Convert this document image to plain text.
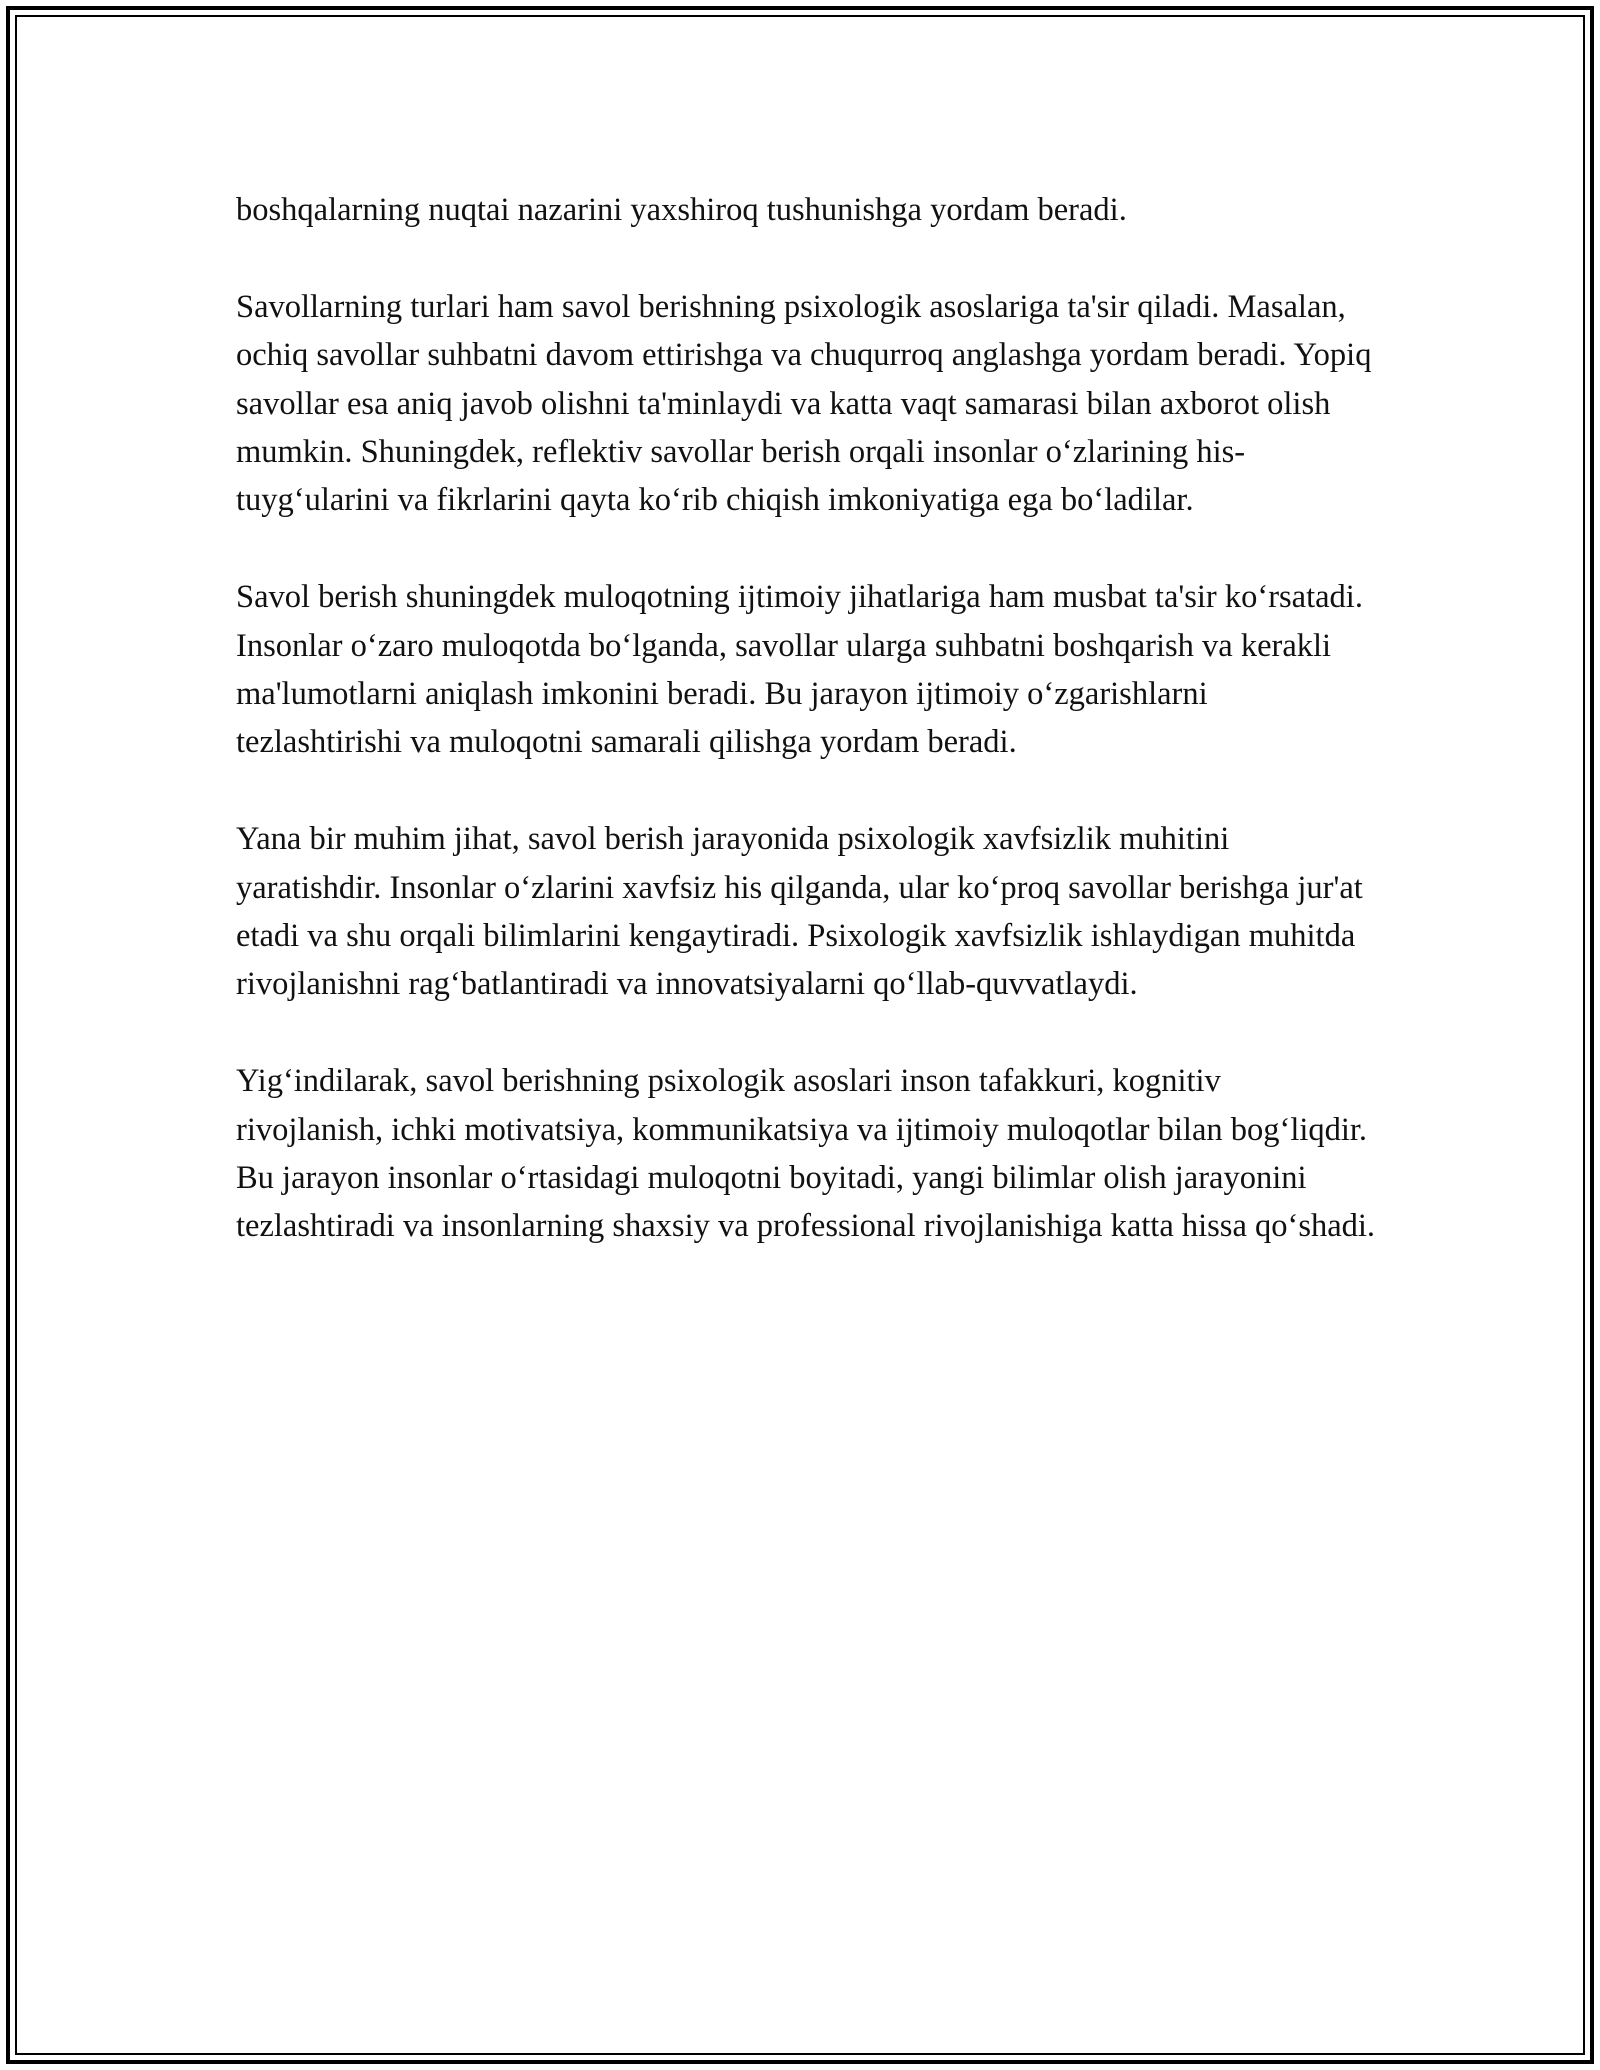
boshqalarning nuqtai nazarini yaxshiroq tushunishga yordam beradi.

Savollarning turlari ham savol berishning psixologik asoslariga ta'sir qiladi. Masalan, ochiq savollar suhbatni davom ettirishga va chuqurroq anglashga yordam beradi. Yopiq savollar esa aniq javob olishni ta'minlaydi va katta vaqt samarasi bilan axborot olish mumkin. Shuningdek, reflektiv savollar berish orqali insonlar o‘zlarining his-tuyg‘ularini va fikrlarini qayta ko‘rib chiqish imkoniyatiga ega bo‘ladilar.

Savol berish shuningdek muloqotning ijtimoiy jihatlariga ham musbat ta'sir ko‘rsatadi. Insonlar o‘zaro muloqotda bo‘lganda, savollar ularga suhbatni boshqarish va kerakli ma'lumotlarni aniqlash imkonini beradi. Bu jarayon ijtimoiy o‘zgarishlarni tezlashtirishi va muloqotni samarali qilishga yordam beradi.

Yana bir muhim jihat, savol berish jarayonida psixologik xavfsizlik muhitini yaratishdir. Insonlar o‘zlarini xavfsiz his qilganda, ular ko‘proq savollar berishga jur'at etadi va shu orqali bilimlarini kengaytiradi. Psixologik xavfsizlik ishlaydigan muhitda rivojlanishni rag‘batlantiradi va innovatsiyalarni qo‘llab-quvvatlaydi.

Yig‘indilarak, savol berishning psixologik asoslari inson tafakkuri, kognitiv rivojlanish, ichki motivatsiya, kommunikatsiya va ijtimoiy muloqotlar bilan bog‘liqdir. Bu jarayon insonlar o‘rtasidagi muloqotni boyitadi, yangi bilimlar olish jarayonini tezlashtiradi va insonlarning shaxsiy va professional rivojlanishiga katta hissa qo‘shadi.
